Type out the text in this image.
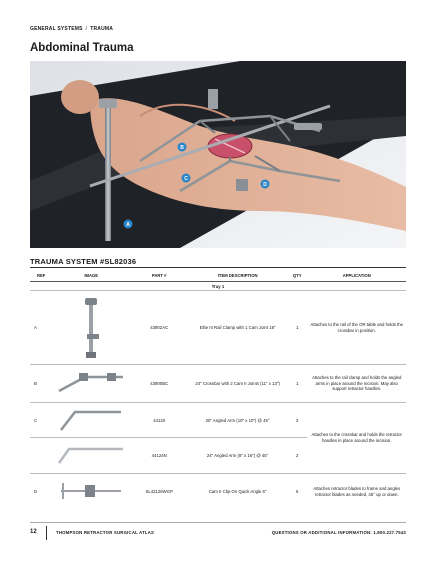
GENERAL SYSTEMS / TRAUMA
Abdominal Trauma
A
B
C
D
TRAUMA SYSTEM #SL82036
REF	IMAGE	PART #	ITEM DESCRIPTION	QTY	APPLICATION
Tray 1					
A		43902AC	Elite III Rail Clamp with 1 Cam Joint 18"	1	Attaches to the rail of the OR table and holds the crossbar in position.
B		43900BC	24" Crossbar with 2 Cam II Joints (11" x 13")	1	Attaches to the rail clamp and holds the angled arms in place around the incision. May also support retractor handles.
C		44120	20" Angled Arm (10" x 10") @ 45°	2	Attaches to the crossbar and holds the retractor handles in place around the incision.
		44124N	24" Angled Arm (8" x 16") @ 45°	2	
D		SL42126WGP	Cam II Clip-On Quick Angle 6"	6	Attaches retractor blades to frame and angles retractor blades as needed, 45° up or down.
12	THOMPSON RETRACTOR SURGICAL ATLAS	QUESTIONS OR ADDITIONAL INFORMATION: 1.800.227.7543
